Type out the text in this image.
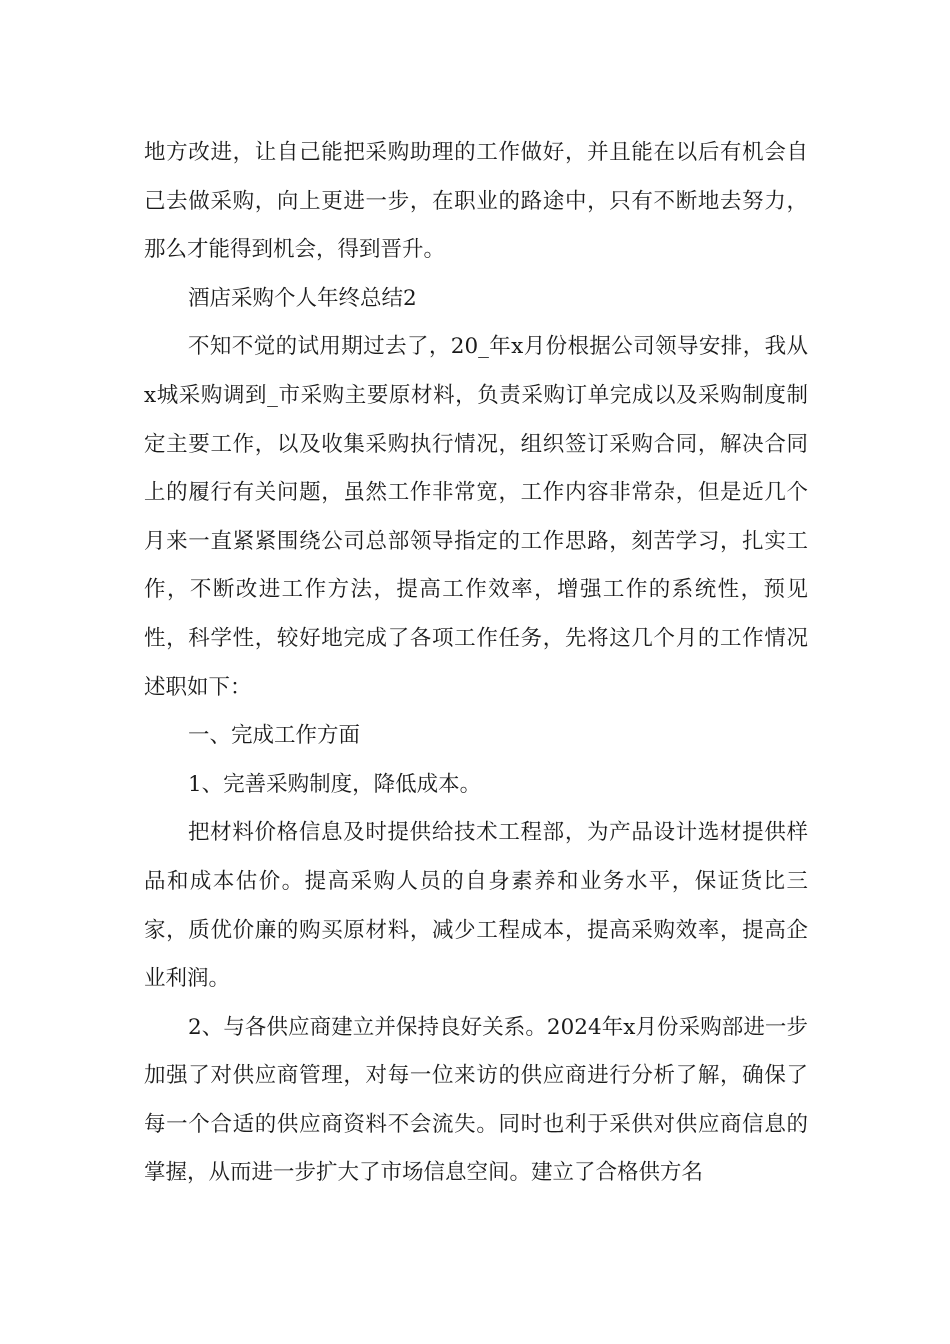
地方改进，让自己能把采购助理的工作做好，并且能在以后有机会自己去做采购，向上更进一步，在职业的路途中，只有不断地去努力，那么才能得到机会，得到晋升。

酒店采购个人年终总结2

不知不觉的试用期过去了，20_年x月份根据公司领导安排，我从x城采购调到_市采购主要原材料，负责采购订单完成以及采购制度制定主要工作，以及收集采购执行情况，组织签订采购合同，解决合同上的履行有关问题，虽然工作非常宽，工作内容非常杂，但是近几个月来一直紧紧围绕公司总部领导指定的工作思路，刻苦学习，扎实工作，不断改进工作方法，提高工作效率，增强工作的系统性，预见性，科学性，较好地完成了各项工作任务，先将这几个月的工作情况述职如下：

一、完成工作方面

1、完善采购制度，降低成本。

把材料价格信息及时提供给技术工程部，为产品设计选材提供样品和成本估价。提高采购人员的自身素养和业务水平，保证货比三家，质优价廉的购买原材料，减少工程成本，提高采购效率，提高企业利润。

2、与各供应商建立并保持良好关系。2024年x月份采购部进一步加强了对供应商管理，对每一位来访的供应商进行分析了解，确保了每一个合适的供应商资料不会流失。同时也利于采供对供应商信息的掌握，从而进一步扩大了市场信息空间。建立了合格供方名
